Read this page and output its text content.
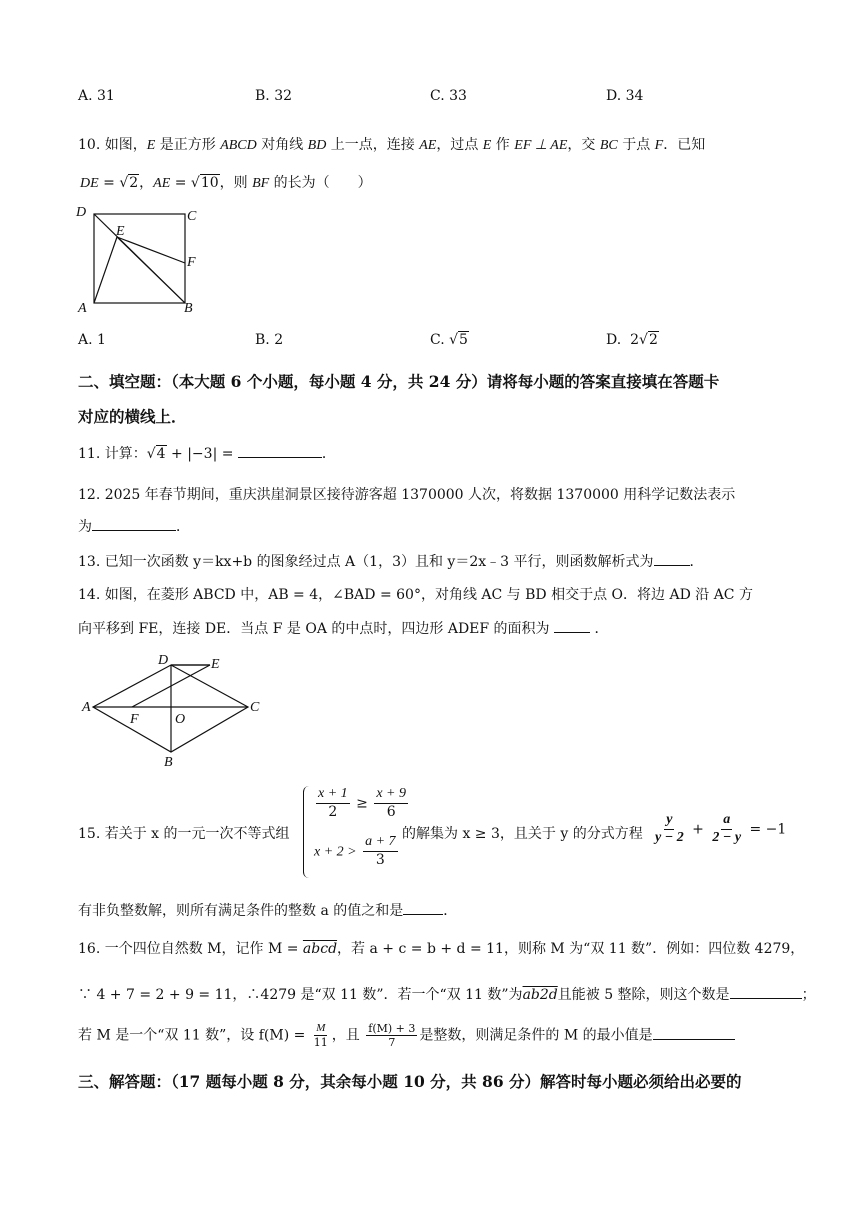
A. 31	B. 32	C. 33	D. 34
10. 如图，E 是正方形 ABCD 对角线 BD 上一点，连接 AE，过点 E 作 EF ⊥ AE，交 BC 于点 F．已知
DE = √2，AE = √10，则 BF 的长为（　　）
D	C
E
F
A	B
A. 1	B. 2	C. √5	D. 2√2
二、填空题：（本大题 6 个小题，每小题 4 分，共 24 分）请将每小题的答案直接填在答题卡
对应的横线上．
11. 计算：√4 + |−3| =	．
12. 2025 年春节期间，重庆洪崖洞景区接待游客超 1370000 人次，将数据 1370000 用科学记数法表示
为	．
13. 已知一次函数 y＝kx+b 的图象经过点 A（1，3）且和 y＝2x﹣3 平行，则函数解析式为	．
14. 如图，在菱形 ABCD 中，AB = 4，∠BAD = 60°，对角线 AC 与 BD 相交于点 O．将边 AD 沿 AC 方
向平移到 FE，连接 DE．当点 F 是 OA 的中点时，四边形 ADEF 的面积为	．
D	E
A
F	O
C
B
15. 若关于 x 的一元一次不等式组
$\frac{x + 1}{2} \ge \frac{x + 9}{6}$
$x + 2 > \frac{a + 7}{3}$ 的解集为 x ≥ 3，且关于 y 的分式方程 $\frac{y}{y - 2} + \frac{a}{2 - y} = -1$
有非负整数解，则所有满足条件的整数 a 的值之和是	．
16. 一个四位自然数 M，记作 M = abcd，若 a + c = b + d = 11，则称 M 为“双 11 数”．例如：四位数 4279，
∵ 4 + 7 = 2 + 9 = 11，∴4279 是“双 11 数”．若一个“双 11 数”为ab2d且能被 5 整除，则这个数是	；
若 M 是一个“双 11 数”，设 $f(M) = \frac{M}{11}$ ，且 $\frac{f(M) + 3}{7}$ 是整数，则满足条件的 M 的最小值是
三、解答题：（17 题每小题 8 分，其余每小题 10 分，共 86 分）解答时每小题必须给出必要的
